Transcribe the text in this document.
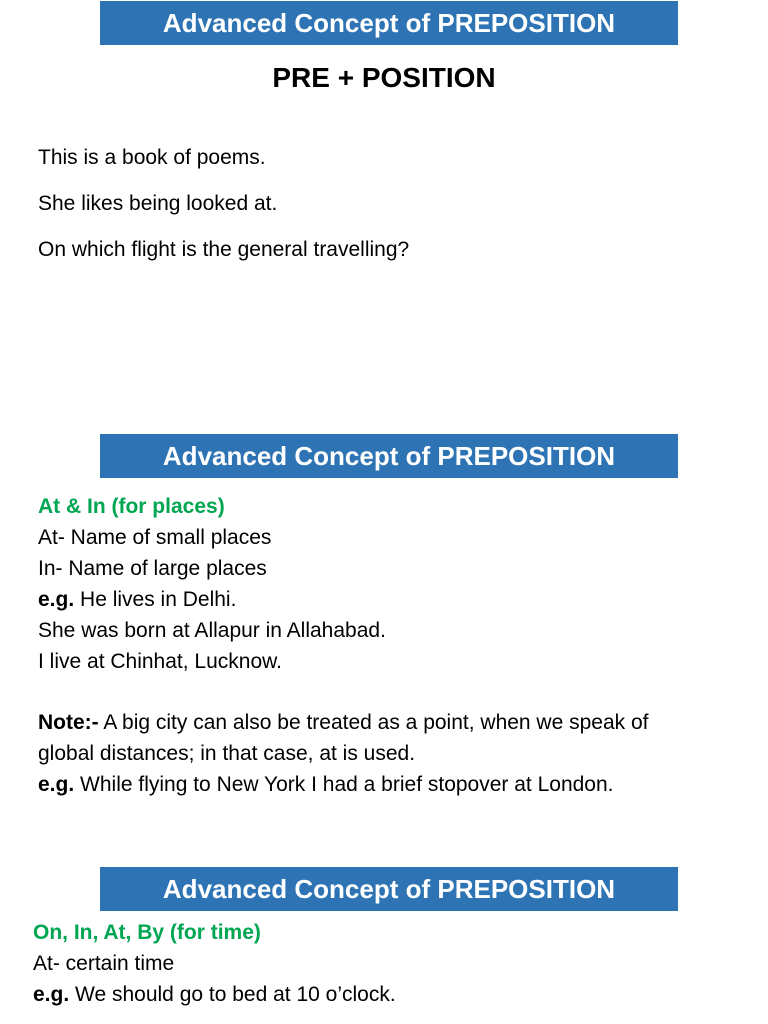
Advanced Concept of PREPOSITION
PRE + POSITION
This is a book of poems.
She likes being looked at.
On which flight is the general travelling?
Advanced Concept of PREPOSITION
At & In (for places)
At- Name of small places
In- Name of large places
e.g. He lives in Delhi.
She was born at Allapur in Allahabad.
I live at Chinhat, Lucknow.
Note:- A big city can also be treated as a point, when we speak of
global distances; in that case, at is used.
e.g. While flying to New York I had a brief stopover at London.
Advanced Concept of PREPOSITION
On, In, At, By (for time)
At- certain time
e.g. We should go to bed at 10 o’clock.
